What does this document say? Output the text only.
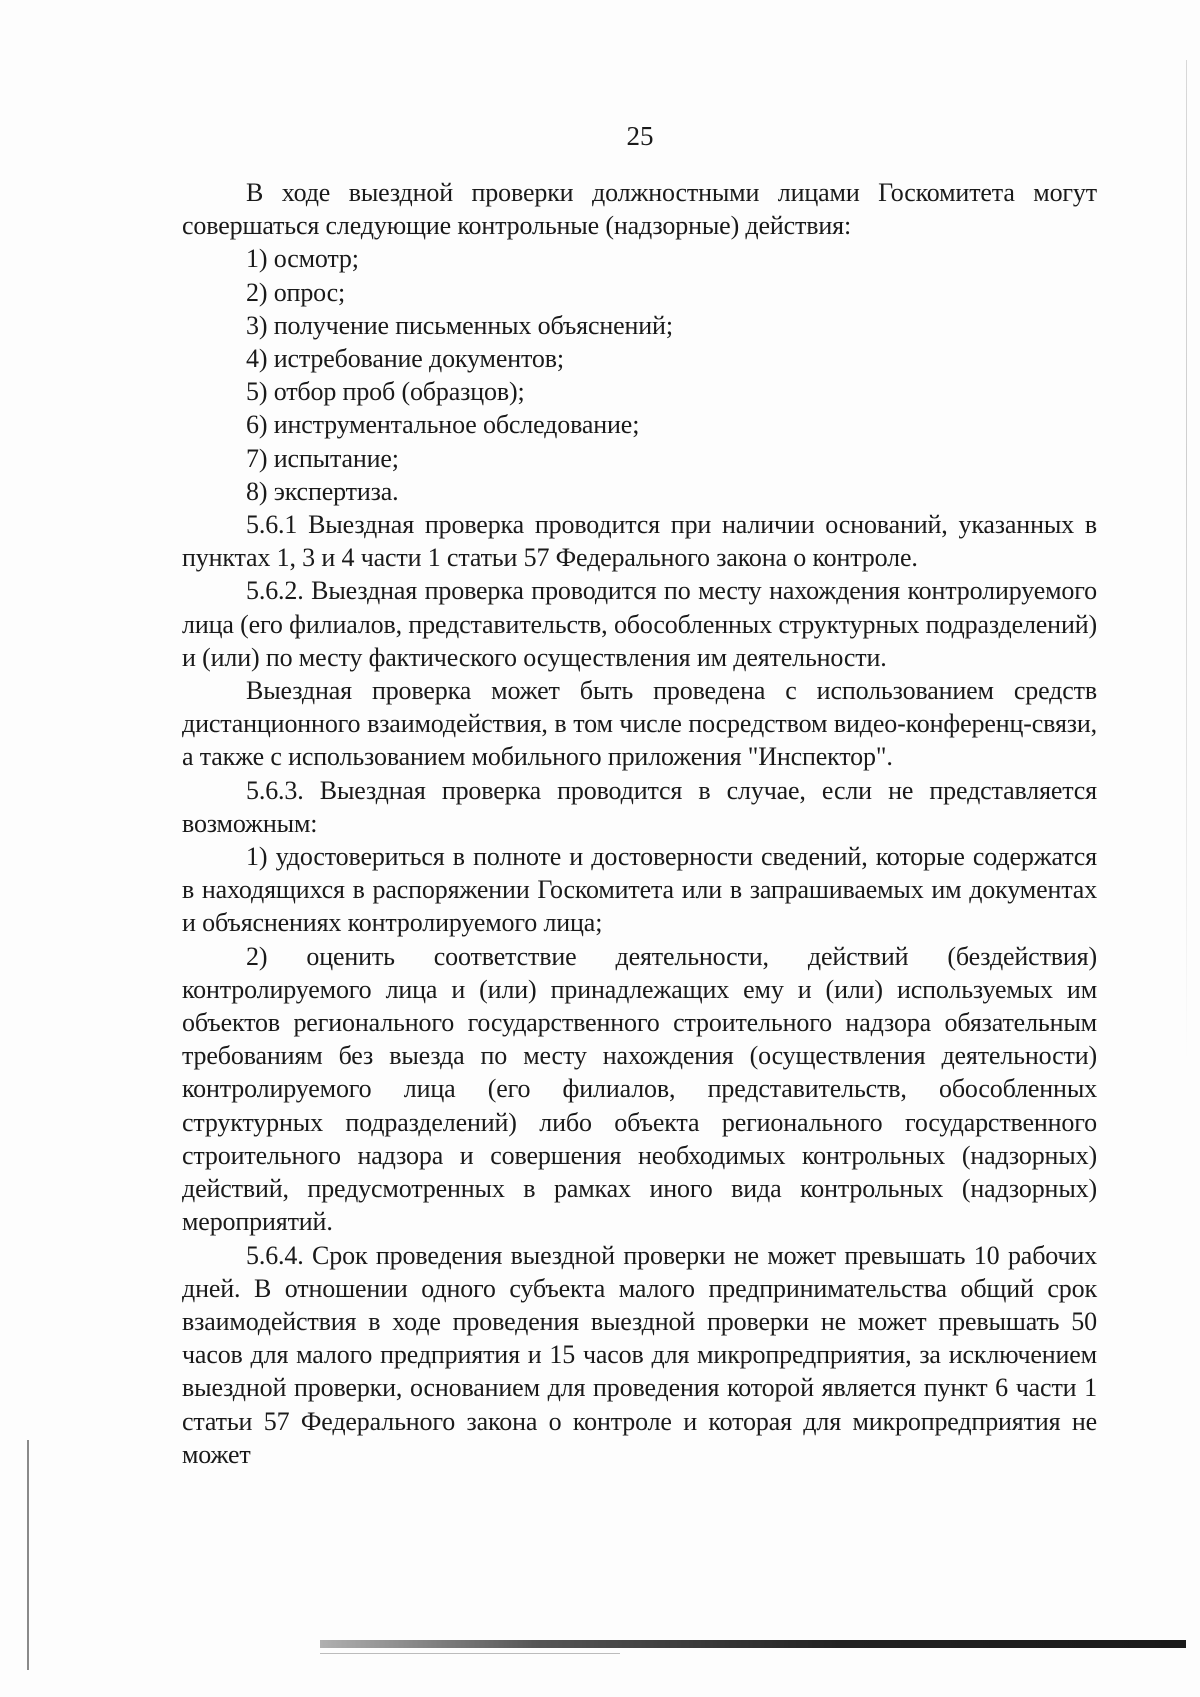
25

В ходе выездной проверки должностными лицами Госкомитета могут совершаться следующие контрольные (надзорные) действия:

1) осмотр;

2) опрос;

3) получение письменных объяснений;

4) истребование документов;

5) отбор проб (образцов);

6) инструментальное обследование;

7) испытание;

8) экспертиза.

5.6.1 Выездная проверка проводится при наличии оснований, указанных в пунктах 1, 3 и 4 части 1 статьи 57 Федерального закона о контроле.

5.6.2. Выездная проверка проводится по месту нахождения контролируемого лица (его филиалов, представительств, обособленных структурных подразделений) и (или) по месту фактического осуществления им деятельности.

Выездная проверка может быть проведена с использованием средств дистанционного взаимодействия, в том числе посредством видео-конференц-связи, а также с использованием мобильного приложения "Инспектор".

5.6.3. Выездная проверка проводится в случае, если не представляется возможным:

1) удостовериться в полноте и достоверности сведений, которые содержатся в находящихся в распоряжении Госкомитета или в запрашиваемых им документах и объяснениях контролируемого лица;

2) оценить соответствие деятельности, действий (бездействия) контролируемого лица и (или) принадлежащих ему и (или) используемых им объектов регионального государственного строительного надзора обязательным требованиям без выезда по месту нахождения (осуществления деятельности) контролируемого лица (его филиалов, представительств, обособленных структурных подразделений) либо объекта регионального государственного строительного надзора и совершения необходимых контрольных (надзорных) действий, предусмотренных в рамках иного вида контрольных (надзорных) мероприятий.

5.6.4. Срок проведения выездной проверки не может превышать 10 рабочих дней. В отношении одного субъекта малого предпринимательства общий срок взаимодействия в ходе проведения выездной проверки не может превышать 50 часов для малого предприятия и 15 часов для микропредприятия, за исключением выездной проверки, основанием для проведения которой является пункт 6 части 1 статьи 57 Федерального закона о контроле и которая для микропредприятия не может
